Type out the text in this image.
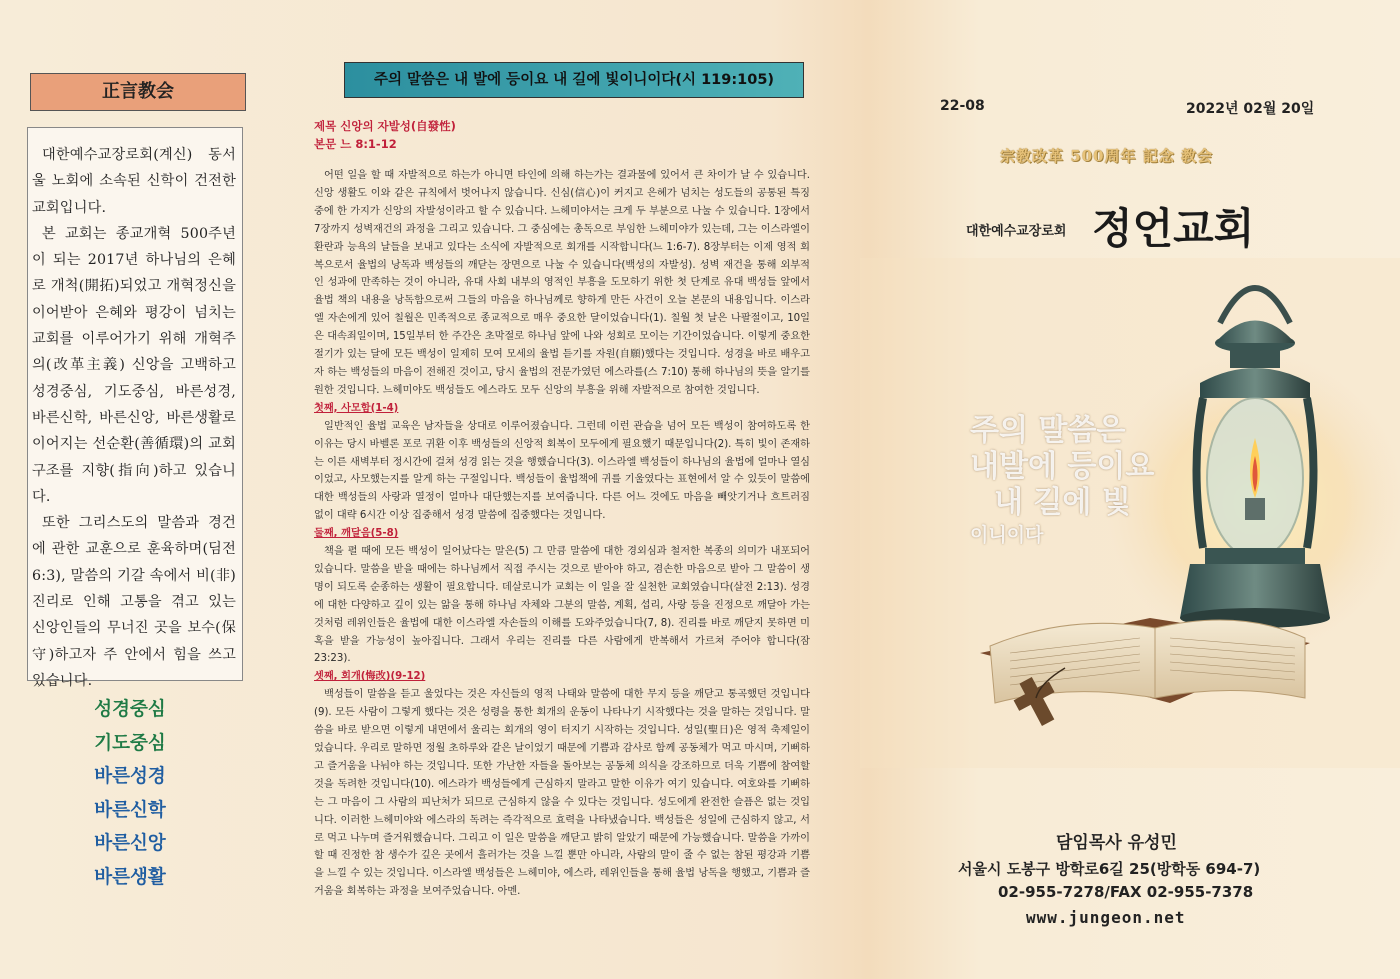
正言教会

대한예수교장로회(계신) 동서울 노회에 소속된 신학이 건전한 교회입니다.

본 교회는 종교개혁 500주년이 되는 2017년 하나님의 은혜로 개척(開拓)되었고 개혁정신을 이어받아 은혜와 평강이 넘치는 교회를 이루어가기 위해 개혁주의(改革主義) 신앙을 고백하고 성경중심, 기도중심, 바른성경, 바른신학, 바른신앙, 바른생활로 이어지는 선순환(善循環)의 교회 구조를 지향(指向)하고 있습니다.

또한 그리스도의 말씀과 경건에 관한 교훈으로 훈육하며(딤전 6:3), 말씀의 기갈 속에서 비(非) 진리로 인해 고통을 겪고 있는 신앙인들의 무너진 곳을 보수(保守)하고자 주 안에서 힘을 쓰고 있습니다.

성경중심
기도중심
바른성경
바른신학
바른신앙
바른생활
주의 말씀은 내 발에 등이요 내 길에 빛이니이다(시 119:105)
제목 신앙의 자발성(自發性)
본문 느 8:1-12

어떤 일을 할 때 자발적으로 하는가 아니면 타인에 의해 하는가는 결과물에 있어서 큰 차이가 날 수 있습니다. 신앙 생활도 이와 같은 규칙에서 벗어나지 않습니다. 신심(信心)이 커지고 은혜가 넘치는 성도들의 공통된 특징 중에 한 가지가 신앙의 자발성이라고 할 수 있습니다. 느헤미야서는 크게 두 부분으로 나눌 수 있습니다. 1장에서 7장까지 성벽재건의 과정을 그리고 있습니다. 그 중심에는 총독으로 부임한 느헤미야가 있는데, 그는 이스라엘이 환란과 능욕의 날들을 보내고 있다는 소식에 자발적으로 회개를 시작합니다(느 1:6-7). 8장부터는 이제 영적 회복으로서 율법의 낭독과 백성들의 깨닫는 장면으로 나눌 수 있습니다(백성의 자발성). 성벽 재건을 통해 외부적인 성과에 만족하는 것이 아니라, 유대 사회 내부의 영적인 부흥을 도모하기 위한 첫 단계로 유대 백성들 앞에서 율법 책의 내용을 낭독함으로써 그들의 마음을 하나님께로 향하게 만든 사건이 오늘 본문의 내용입니다. 이스라엘 자손에게 있어 칠월은 민족적으로 종교적으로 매우 중요한 달이었습니다(1). 칠월 첫 날은 나팔절이고, 10일은 대속죄일이며, 15일부터 한 주간은 초막절로 하나님 앞에 나와 성회로 모이는 기간이었습니다. 이렇게 중요한 절기가 있는 달에 모든 백성이 일제히 모여 모세의 율법 듣기를 자원(自願)했다는 것입니다. 성경을 바로 배우고자 하는 백성들의 마음이 전해진 것이고, 당시 율법의 전문가였던 에스라를(스 7:10) 통해 하나님의 뜻을 알기를 원한 것입니다. 느헤미야도 백성들도 에스라도 모두 신앙의 부흥을 위해 자발적으로 참여한 것입니다.

첫째, 사모함(1-4)

일반적인 율법 교육은 남자들을 상대로 이루어졌습니다. 그런데 이런 관습을 넘어 모든 백성이 참여하도록 한 이유는 당시 바벨론 포로 귀환 이후 백성들의 신앙적 회복이 모두에게 필요했기 때문입니다(2). 특히 빛이 존재하는 이른 새벽부터 정시간에 걸쳐 성경 읽는 것을 행했습니다(3). 이스라엘 백성들이 하나님의 율법에 얼마나 열심이었고, 사모했는지를 알게 하는 구절입니다. 백성들이 율법책에 귀를 기울였다는 표현에서 알 수 있듯이 말씀에 대한 백성들의 사랑과 열정이 얼마나 대단했는지를 보여줍니다. 다른 어느 것에도 마음을 빼앗기거나 흐트러짐 없이 대략 6시간 이상 집중해서 성경 말씀에 집중했다는 것입니다.

둘째, 깨달음(5-8)

책을 펼 때에 모든 백성이 일어났다는 말은(5) 그 만큼 말씀에 대한 경외심과 철저한 복종의 의미가 내포되어 있습니다. 말씀을 받을 때에는 하나님께서 직접 주시는 것으로 받아야 하고, 겸손한 마음으로 받아 그 말씀이 생명이 되도록 순종하는 생활이 필요합니다. 데살로니가 교회는 이 일을 잘 실천한 교회였습니다(살전 2:13). 성경에 대한 다양하고 깊이 있는 앎을 통해 하나님 자체와 그분의 말씀, 계획, 섭리, 사랑 등을 진정으로 깨달아 가는 것처럼 레위인들은 율법에 대한 이스라엘 자손들의 이해를 도와주었습니다(7, 8). 진리를 바로 깨닫지 못하면 미혹을 받을 가능성이 높아집니다. 그래서 우리는 진리를 다른 사람에게 반복해서 가르쳐 주어야 합니다(잠 23:23).

셋째, 회개(悔改)(9-12)

백성들이 말씀을 듣고 울었다는 것은 자신들의 영적 나태와 말씀에 대한 무지 등을 깨닫고 통곡했던 것입니다(9). 모든 사람이 그렇게 했다는 것은 성령을 통한 회개의 운동이 나타나기 시작했다는 것을 말하는 것입니다. 말씀을 바로 받으면 이렇게 내면에서 울리는 회개의 영이 터지기 시작하는 것입니다. 성일(聖日)은 영적 축제일이었습니다. 우리로 말하면 정월 초하루와 같은 날이었기 때문에 기쁨과 감사로 함께 공동체가 먹고 마시며, 기뻐하고 즐거움을 나눠야 하는 것입니다. 또한 가난한 자들을 돌아보는 공동체 의식을 강조하므로 더욱 기쁨에 참여할 것을 독려한 것입니다(10). 에스라가 백성들에게 근심하지 말라고 말한 이유가 여기 있습니다. 여호와를 기뻐하는 그 마음이 그 사람의 피난처가 되므로 근심하지 않을 수 있다는 것입니다. 성도에게 완전한 슬픔은 없는 것입니다. 이러한 느헤미야와 에스라의 독려는 즉각적으로 효력을 나타냈습니다. 백성들은 성일에 근심하지 않고, 서로 먹고 나누며 즐거워했습니다. 그리고 이 일은 말씀을 깨닫고 밝히 알았기 때문에 가능했습니다. 말씀을 가까이 할 때 진정한 참 생수가 깊은 곳에서 흘러가는 것을 느낄 뿐만 아니라, 사람의 말이 줄 수 없는 참된 평강과 기쁨을 느낄 수 있는 것입니다. 이스라엘 백성들은 느헤미야, 에스라, 레위인들을 통해 율법 낭독을 행했고, 기쁨과 즐거움을 회복하는 과정을 보여주었습니다. 아멘.

22-08	2022년 02월 20일
宗教改革 500周年 記念 教会
대한예수교장로회 정언교회
주의 말씀은
내발에 등이요
내 길에 빛
이니이다
담임목사 유성민
서울시 도봉구 방학로6길 25(방학동 694-7)
02-955-7278/FAX 02-955-7378
www.jungeon.net
